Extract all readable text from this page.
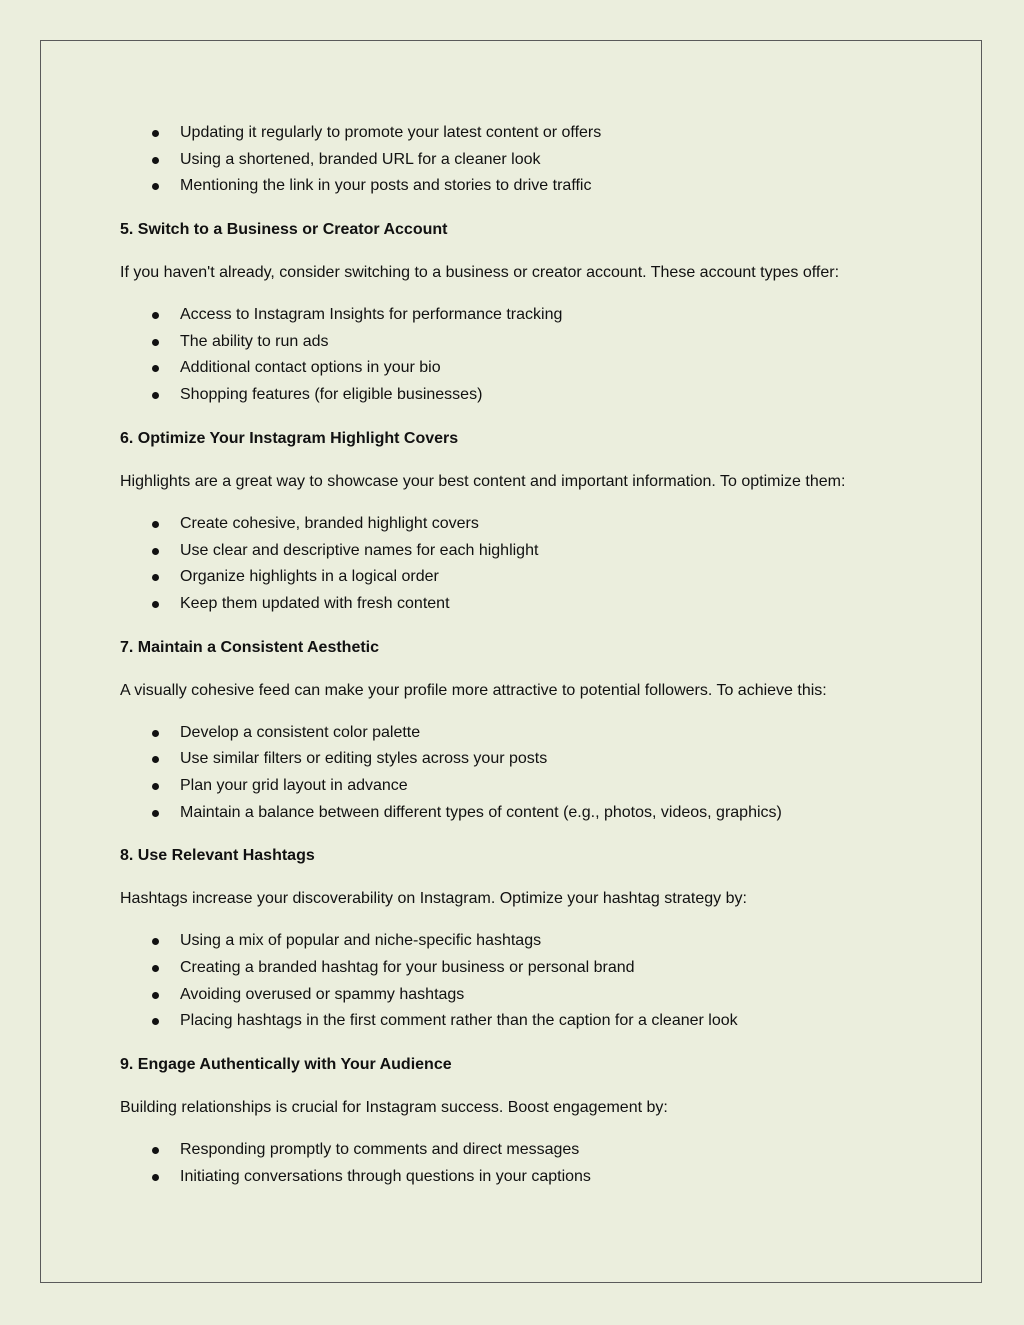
Updating it regularly to promote your latest content or offers
Using a shortened, branded URL for a cleaner look
Mentioning the link in your posts and stories to drive traffic
5. Switch to a Business or Creator Account
If you haven't already, consider switching to a business or creator account. These account types offer:
Access to Instagram Insights for performance tracking
The ability to run ads
Additional contact options in your bio
Shopping features (for eligible businesses)
6. Optimize Your Instagram Highlight Covers
Highlights are a great way to showcase your best content and important information. To optimize them:
Create cohesive, branded highlight covers
Use clear and descriptive names for each highlight
Organize highlights in a logical order
Keep them updated with fresh content
7. Maintain a Consistent Aesthetic
A visually cohesive feed can make your profile more attractive to potential followers. To achieve this:
Develop a consistent color palette
Use similar filters or editing styles across your posts
Plan your grid layout in advance
Maintain a balance between different types of content (e.g., photos, videos, graphics)
8. Use Relevant Hashtags
Hashtags increase your discoverability on Instagram. Optimize your hashtag strategy by:
Using a mix of popular and niche-specific hashtags
Creating a branded hashtag for your business or personal brand
Avoiding overused or spammy hashtags
Placing hashtags in the first comment rather than the caption for a cleaner look
9. Engage Authentically with Your Audience
Building relationships is crucial for Instagram success. Boost engagement by:
Responding promptly to comments and direct messages
Initiating conversations through questions in your captions
